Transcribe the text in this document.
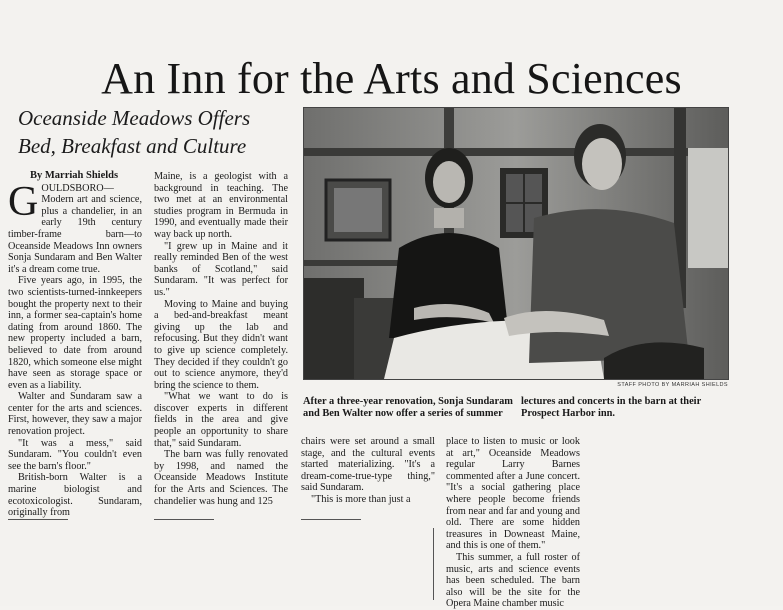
An Inn for the Arts and Sciences
Oceanside Meadows Offers
Bed, Breakfast and Culture
By Marriah Shields

GOULDSBORO—Modern art and science, plus a chandelier, in an early 19th century timber-frame barn—to Oceanside Meadows Inn owners Sonja Sundaram and Ben Walter it's a dream come true.

Five years ago, in 1995, the two scientists-turned-innkeepers bought the property next to their inn, a former sea-captain's home dating from around 1860. The new property included a barn, believed to date from around 1820, which someone else might have seen as storage space or even as a liability.

Walter and Sundaram saw a center for the arts and sciences. First, however, they saw a major renovation project.

"It was a mess," said Sundaram. "You couldn't even see the barn's floor."

British-born Walter is a marine biologist and ecotoxicologist. Sundaram, originally from

Maine, is a geologist with a background in teaching. The two met at an environmental studies program in Bermuda in 1990, and eventually made their way back up north.

"I grew up in Maine and it really reminded Ben of the west banks of Scotland," said Sundaram. "It was perfect for us."

Moving to Maine and buying a bed-and-breakfast meant giving up the lab and refocusing. But they didn't want to give up science completely. They decided if they couldn't go out to science anymore, they'd bring the science to them.

"What we want to do is discover experts in different fields in the area and give people an opportunity to share that," said Sundaram.

The barn was fully renovated by 1998, and named the Oceanside Meadows Institute for the Arts and Sciences. The chandelier was hung and 125

STAFF PHOTO BY MARRIAH SHIELDS
After a three-year renovation, Sonja Sundaram and Ben Walter now offer a series of summer
lectures and concerts in the barn at their Prospect Harbor inn.

chairs were set around a small stage, and the cultural events started materializing. "It's a dream-come-true-type thing," said Sundaram.

"This is more than just a

place to listen to music or look at art," Oceanside Meadows regular Larry Barnes commented after a June concert. "It's a social gathering place where people become friends from near and far and young and old. There are some hidden treasures in Downeast Maine, and this is one of them."

This summer, a full roster of music, arts and science events has been scheduled. The barn also will be the site for the Opera Maine chamber music
